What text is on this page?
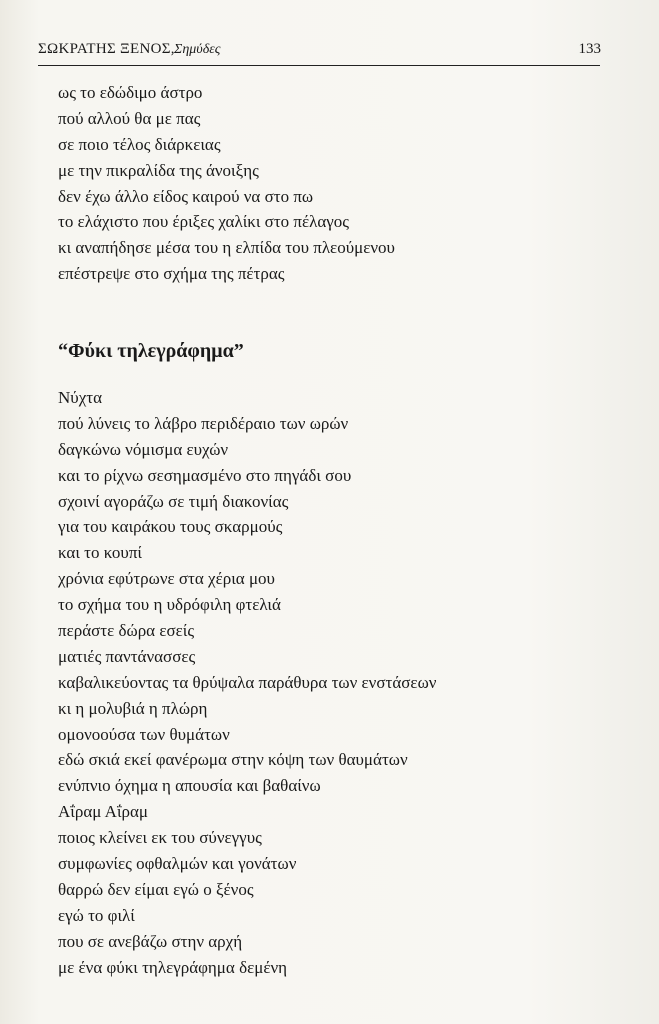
ΣΩΚΡΑΤΗΣ ΞΕΝΟΣ, Σημύδες	133
ως το εδώδιμο άστρο
πού αλλού θα με πας
σε ποιο τέλος διάρκειας
με την πικραλίδα της άνοιξης
δεν έχω άλλο είδος καιρού να στο πω
το ελάχιστο που έριξες χαλίκι στο πέλαγος
κι αναπήδησε μέσα του η ελπίδα του πλεούμενου
επέστρεψε στο σχήμα της πέτρας
“Φύκι τηλεγράφημα”
Νύχτα
πού λύνεις το λάβρο περιδέραιο των ωρών
δαγκώνω νόμισμα ευχών
και το ρίχνω σεσημασμένο στο πηγάδι σου
σχοινί αγοράζω σε τιμή διακονίας
για του καιράκου τους σκαρμούς
και το κουπί
χρόνια εφύτρωνε στα χέρια μου
το σχήμα του η υδρόφιλη φτελιά
περάστε δώρα εσείς
ματιές παντάνασσες
καβαλικεύοντας τα θρύψαλα παράθυρα των ενστάσεων
κι η μολυβιά η πλώρη
ομονοούσα των θυμάτων
εδώ σκιά εκεί φανέρωμα στην κόψη των θαυμάτων
ενύπνιο όχημα η απουσία και βαθαίνω
Αΐραμ Αΐραμ
ποιος κλείνει εκ του σύνεγγυς
συμφωνίες οφθαλμών και γονάτων
θαρρώ δεν είμαι εγώ ο ξένος
εγώ το φιλί
που σε ανεβάζω στην αρχή
με ένα φύκι τηλεγράφημα δεμένη
